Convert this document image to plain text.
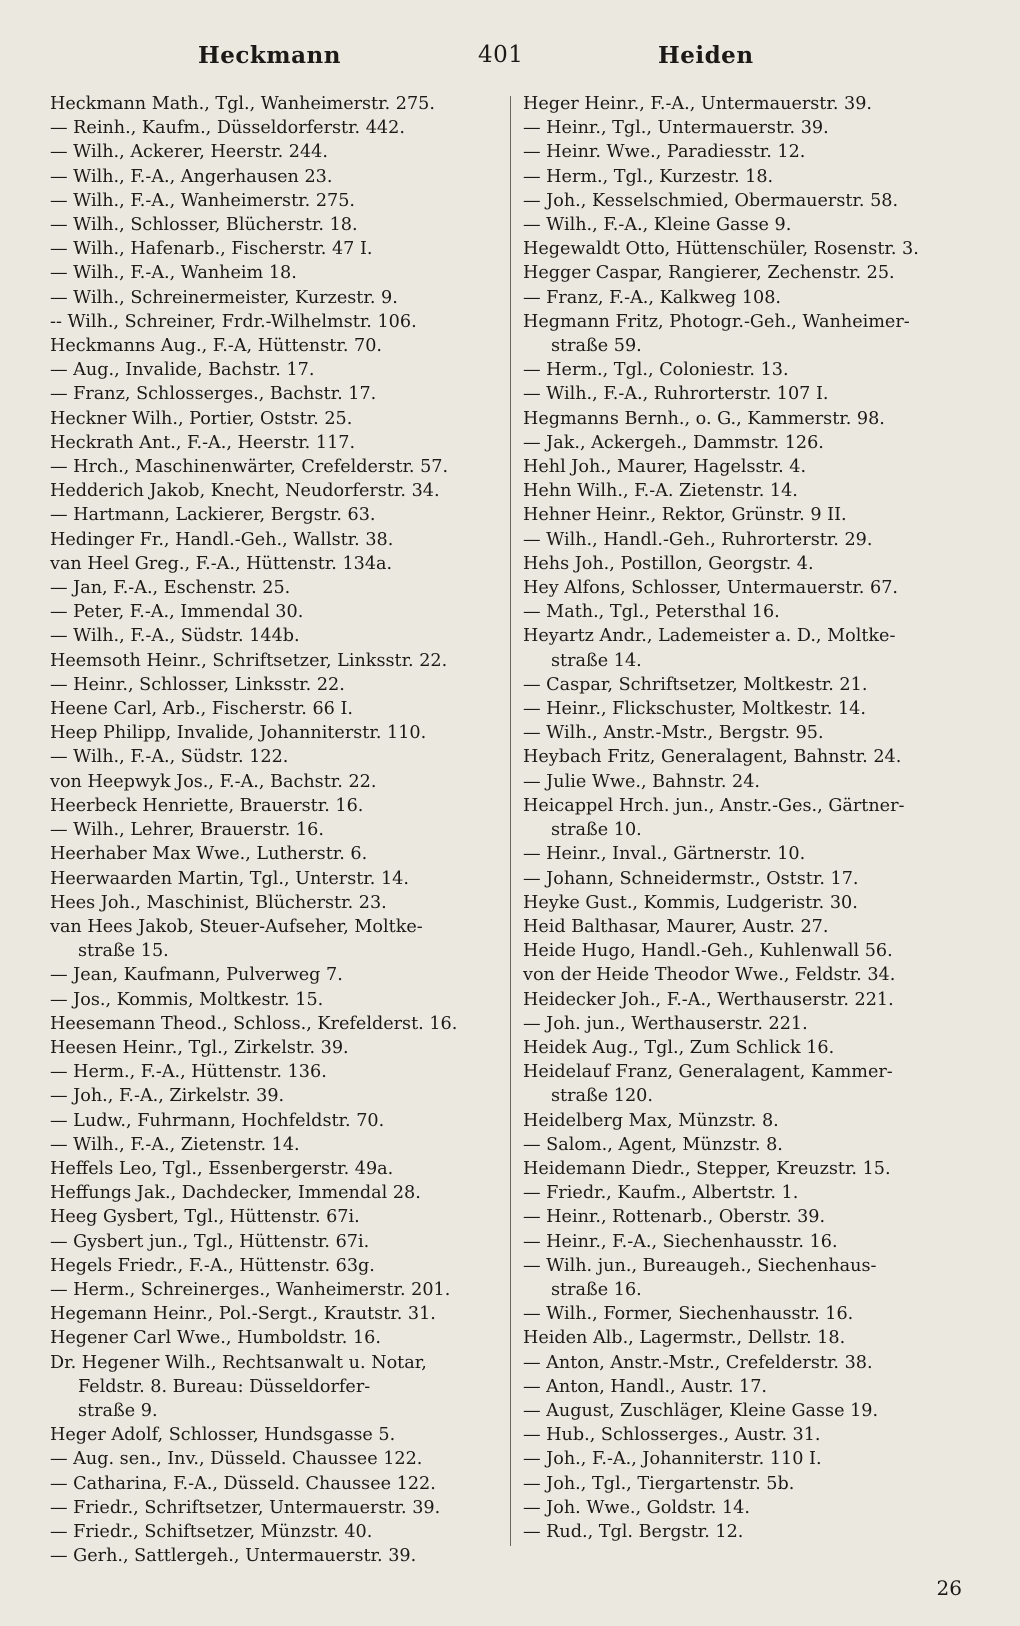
Heckmann	401	Heiden
Heckmann Math., Tgl., Wanheimerstr. 275.
— Reinh., Kaufm., Düsseldorferstr. 442.
— Wilh., Ackerer, Heerstr. 244.
— Wilh., F.-A., Angerhausen 23.
— Wilh., F.-A., Wanheimerstr. 275.
— Wilh., Schlosser, Blücherstr. 18.
— Wilh., Hafenarb., Fischerstr. 47 I.
— Wilh., F.-A., Wanheim 18.
— Wilh., Schreinermeister, Kurzestr. 9.
-- Wilh., Schreiner, Frdr.-Wilhelmstr. 106.
Heckmanns Aug., F.-A, Hüttenstr. 70.
— Aug., Invalide, Bachstr. 17.
— Franz, Schlosserges., Bachstr. 17.
Heckner Wilh., Portier, Oststr. 25.
Heckrath Ant., F.-A., Heerstr. 117.
— Hrch., Maschinenwärter, Crefelderstr. 57.
Hedderich Jakob, Knecht, Neudorferstr. 34.
— Hartmann, Lackierer, Bergstr. 63.
Hedinger Fr., Handl.-Geh., Wallstr. 38.
van Heel Greg., F.-A., Hüttenstr. 134a.
— Jan, F.-A., Eschenstr. 25.
— Peter, F.-A., Immendal 30.
— Wilh., F.-A., Südstr. 144b.
Heemsoth Heinr., Schriftsetzer, Linksstr. 22.
— Heinr., Schlosser, Linksstr. 22.
Heene Carl, Arb., Fischerstr. 66 I.
Heep Philipp, Invalide, Johanniterstr. 110.
— Wilh., F.-A., Südstr. 122.
von Heepwyk Jos., F.-A., Bachstr. 22.
Heerbeck Henriette, Brauerstr. 16.
— Wilh., Lehrer, Brauerstr. 16.
Heerhaber Max Wwe., Lutherstr. 6.
Heerwaarden Martin, Tgl., Unterstr. 14.
Hees Joh., Maschinist, Blücherstr. 23.
van Hees Jakob, Steuer-Aufseher, Moltke-
straße 15.
— Jean, Kaufmann, Pulverweg 7.
— Jos., Kommis, Moltkestr. 15.
Heesemann Theod., Schloss., Krefelderst. 16.
Heesen Heinr., Tgl., Zirkelstr. 39.
— Herm., F.-A., Hüttenstr. 136.
— Joh., F.-A., Zirkelstr. 39.
— Ludw., Fuhrmann, Hochfeldstr. 70.
— Wilh., F.-A., Zietenstr. 14.
Heffels Leo, Tgl., Essenbergerstr. 49a.
Heffungs Jak., Dachdecker, Immendal 28.
Heeg Gysbert, Tgl., Hüttenstr. 67i.
— Gysbert jun., Tgl., Hüttenstr. 67i.
Hegels Friedr., F.-A., Hüttenstr. 63g.
— Herm., Schreinerges., Wanheimerstr. 201.
Hegemann Heinr., Pol.-Sergt., Krautstr. 31.
Hegener Carl Wwe., Humboldstr. 16.
Dr. Hegener Wilh., Rechtsanwalt u. Notar,
Feldstr. 8. Bureau: Düsseldorfer-
straße 9.
Heger Adolf, Schlosser, Hundsgasse 5.
— Aug. sen., Inv., Düsseld. Chaussee 122.
— Catharina, F.-A., Düsseld. Chaussee 122.
— Friedr., Schriftsetzer, Untermauerstr. 39.
— Friedr., Schiftsetzer, Münzstr. 40.
— Gerh., Sattlergeh., Untermauerstr. 39.
Heger Heinr., F.-A., Untermauerstr. 39.
— Heinr., Tgl., Untermauerstr. 39.
— Heinr. Wwe., Paradiesstr. 12.
— Herm., Tgl., Kurzestr. 18.
— Joh., Kesselschmied, Obermauerstr. 58.
— Wilh., F.-A., Kleine Gasse 9.
Hegewaldt Otto, Hüttenschüler, Rosenstr. 3.
Hegger Caspar, Rangierer, Zechenstr. 25.
— Franz, F.-A., Kalkweg 108.
Hegmann Fritz, Photogr.-Geh., Wanheimer-
straße 59.
— Herm., Tgl., Coloniestr. 13.
— Wilh., F.-A., Ruhrorterstr. 107 I.
Hegmanns Bernh., o. G., Kammerstr. 98.
— Jak., Ackergeh., Dammstr. 126.
Hehl Joh., Maurer, Hagelsstr. 4.
Hehn Wilh., F.-A. Zietenstr. 14.
Hehner Heinr., Rektor, Grünstr. 9 II.
— Wilh., Handl.-Geh., Ruhrorterstr. 29.
Hehs Joh., Postillon, Georgstr. 4.
Hey Alfons, Schlosser, Untermauerstr. 67.
— Math., Tgl., Petersthal 16.
Heyartz Andr., Lademeister a. D., Moltke-
straße 14.
— Caspar, Schriftsetzer, Moltkestr. 21.
— Heinr., Flickschuster, Moltkestr. 14.
— Wilh., Anstr.-Mstr., Bergstr. 95.
Heybach Fritz, Generalagent, Bahnstr. 24.
— Julie Wwe., Bahnstr. 24.
Heicappel Hrch. jun., Anstr.-Ges., Gärtner-
straße 10.
— Heinr., Inval., Gärtnerstr. 10.
— Johann, Schneidermstr., Oststr. 17.
Heyke Gust., Kommis, Ludgeristr. 30.
Heid Balthasar, Maurer, Austr. 27.
Heide Hugo, Handl.-Geh., Kuhlenwall 56.
von der Heide Theodor Wwe., Feldstr. 34.
Heidecker Joh., F.-A., Werthauserstr. 221.
— Joh. jun., Werthauserstr. 221.
Heidek Aug., Tgl., Zum Schlick 16.
Heidelauf Franz, Generalagent, Kammer-
straße 120.
Heidelberg Max, Münzstr. 8.
— Salom., Agent, Münzstr. 8.
Heidemann Diedr., Stepper, Kreuzstr. 15.
— Friedr., Kaufm., Albertstr. 1.
— Heinr., Rottenarb., Oberstr. 39.
— Heinr., F.-A., Siechenhausstr. 16.
— Wilh. jun., Bureaugeh., Siechenhaus-
straße 16.
— Wilh., Former, Siechenhausstr. 16.
Heiden Alb., Lagermstr., Dellstr. 18.
— Anton, Anstr.-Mstr., Crefelderstr. 38.
— Anton, Handl., Austr. 17.
— August, Zuschläger, Kleine Gasse 19.
— Hub., Schlosserges., Austr. 31.
— Joh., F.-A., Johanniterstr. 110 I.
— Joh., Tgl., Tiergartenstr. 5b.
— Joh. Wwe., Goldstr. 14.
— Rud., Tgl. Bergstr. 12.
26
